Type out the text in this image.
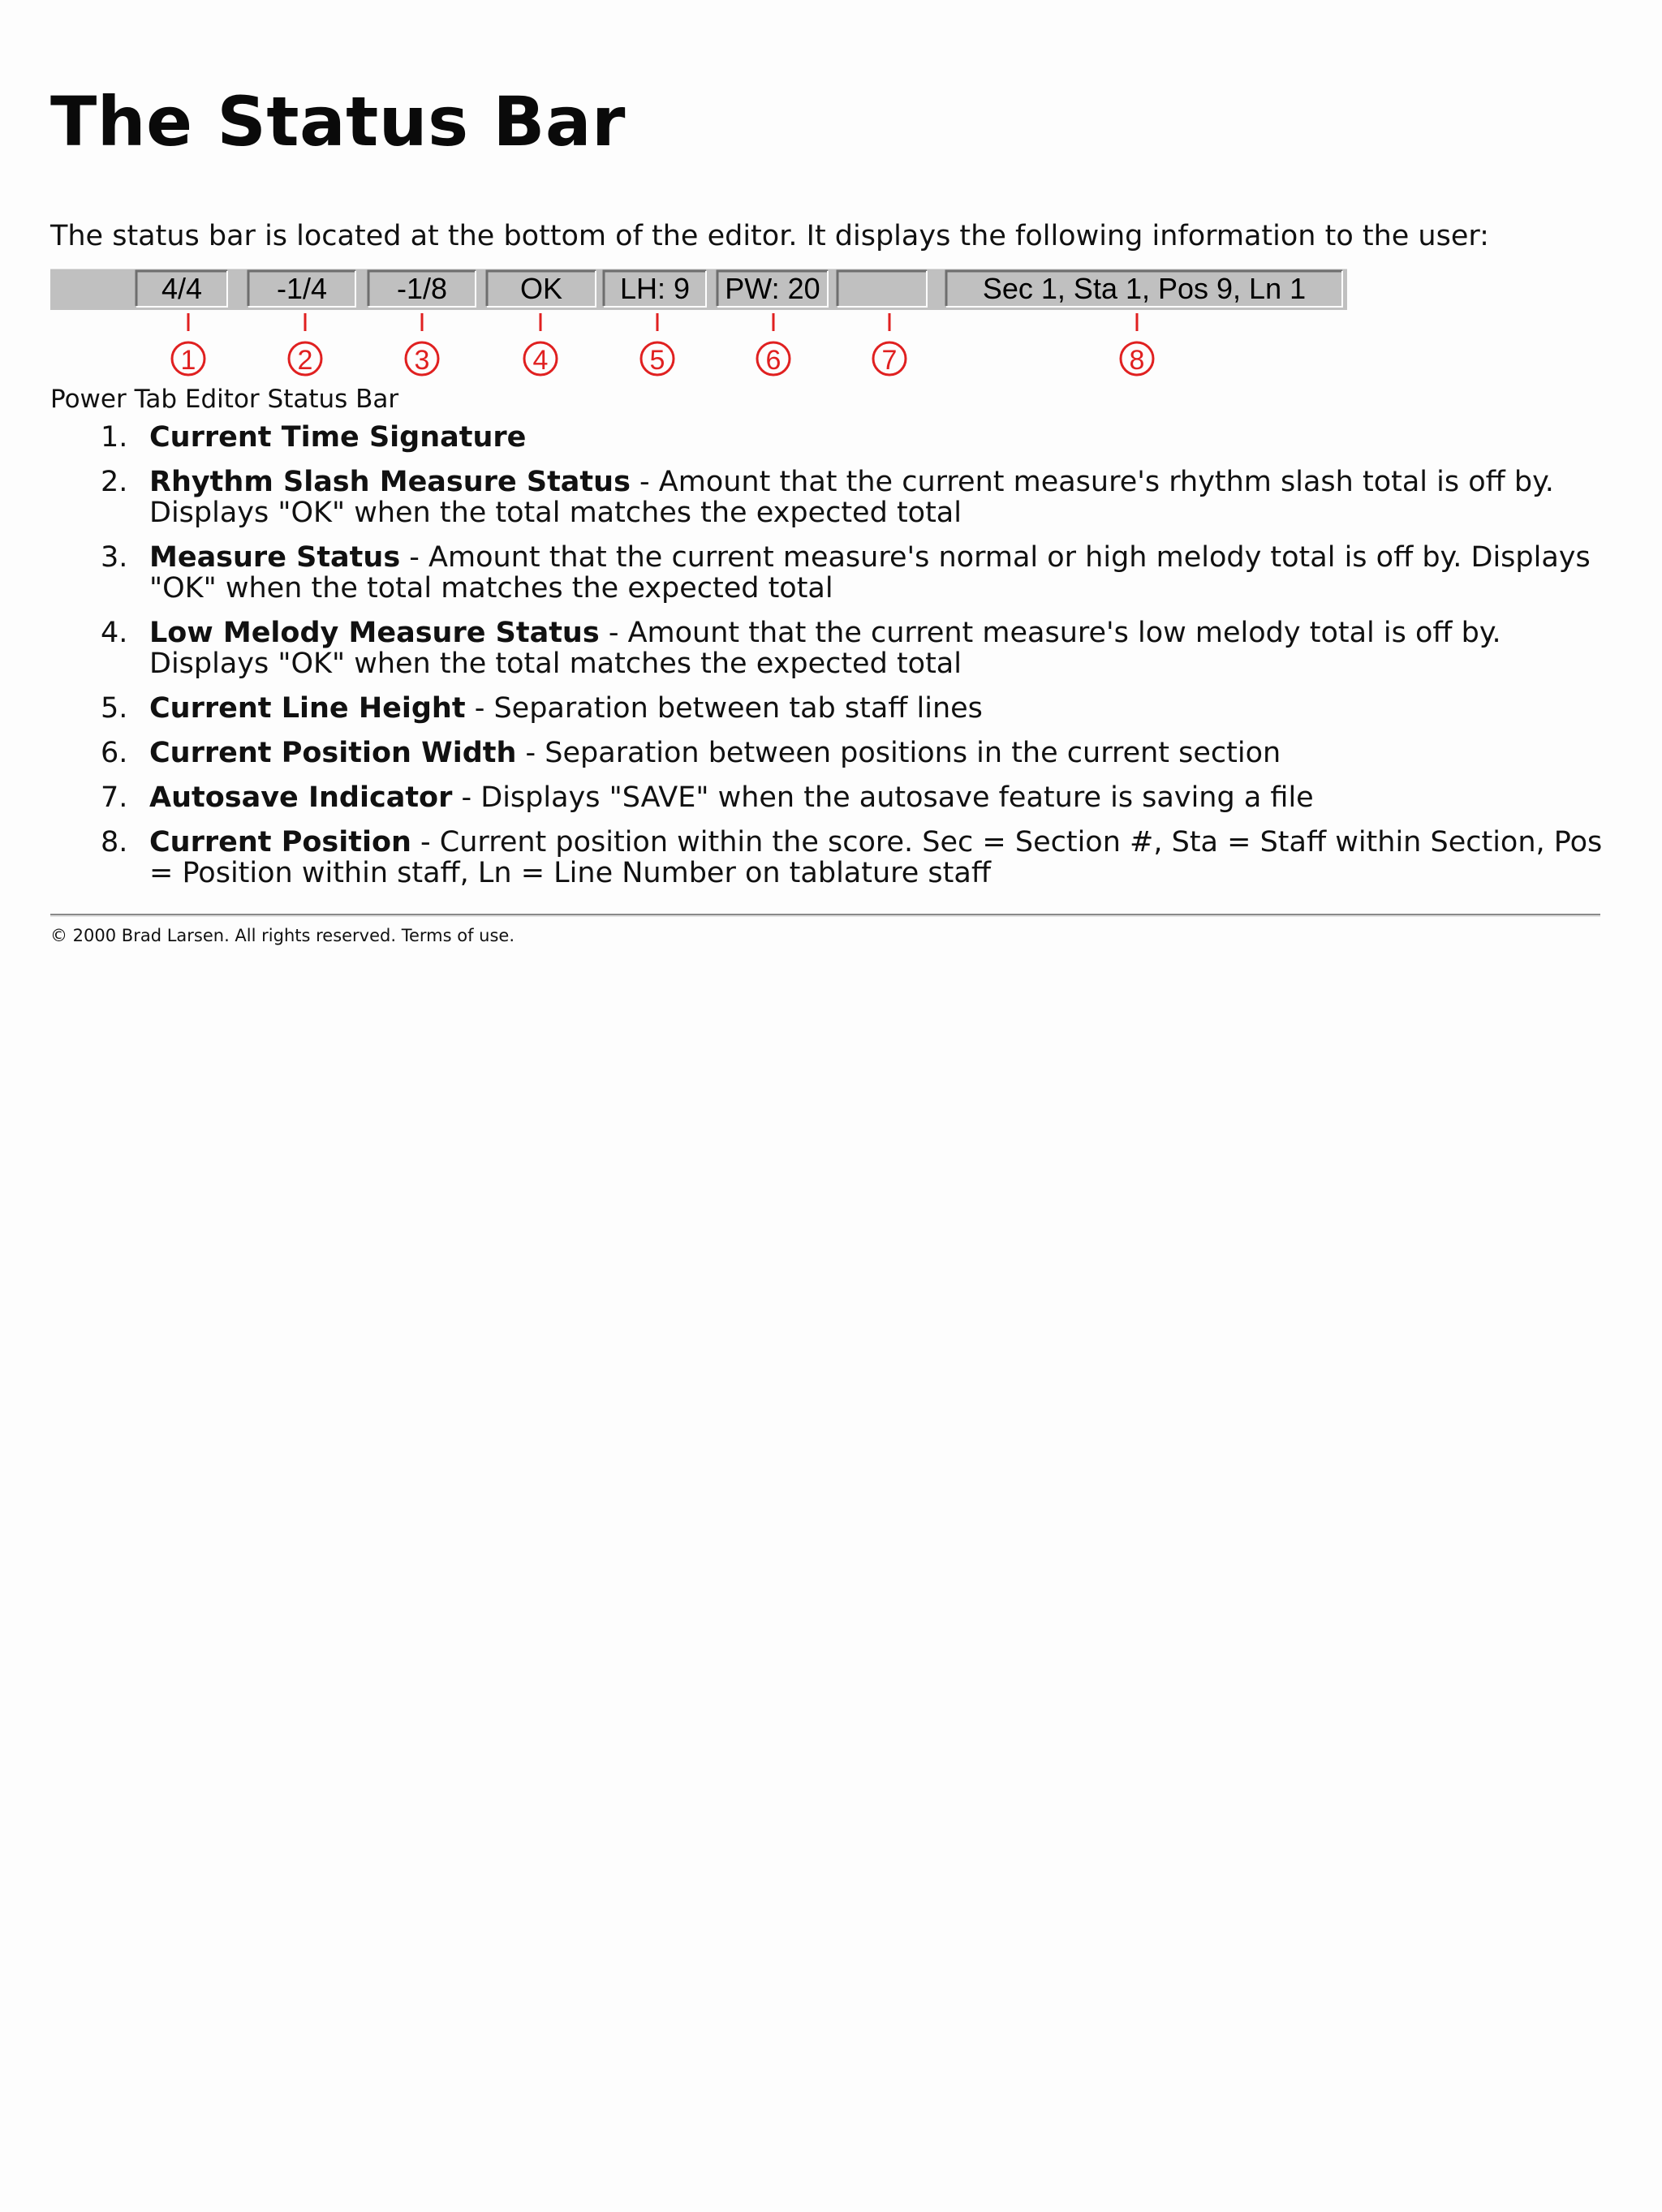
The Status Bar

The status bar is located at the bottom of the editor. It displays the following information to the user:

4/4
1
-1/4
2
-1/8
3
OK
4
LH: 9
5
PW: 20
6	7
Sec 1, Sta 1, Pos 9, Ln 1
8

Power Tab Editor Status Bar

1. Current Time Signature
2. Rhythm Slash Measure Status - Amount that the current measure's rhythm slash total is off by. Displays "OK" when the total matches the expected total
3. Measure Status - Amount that the current measure's normal or high melody total is off by. Displays "OK" when the total matches the expected total
4. Low Melody Measure Status - Amount that the current measure's low melody total is off by. Displays "OK" when the total matches the expected total
5. Current Line Height - Separation between tab staff lines
6. Current Position Width - Separation between positions in the current section
7. Autosave Indicator - Displays "SAVE" when the autosave feature is saving a file
8. Current Position - Current position within the score. Sec = Section #, Sta = Staff within Section, Pos = Position within staff, Ln = Line Number on tablature staff

© 2000 Brad Larsen. All rights reserved. Terms of use.
